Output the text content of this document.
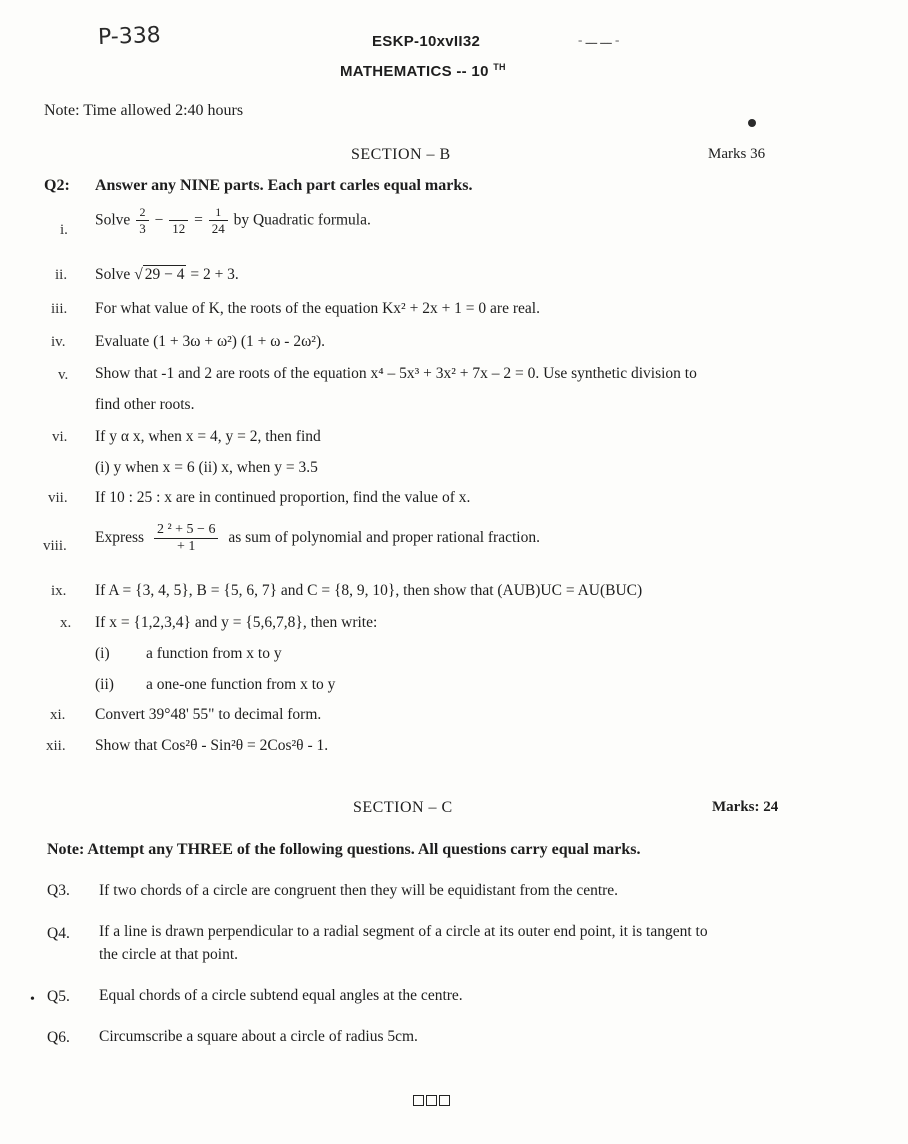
P-338	ESKP-10xvII32	- ـــ ـــ -
MATHEMATICS -- 10 $^{TH}$
Note: Time allowed 2:40 hours
SECTION – B	Marks 36
Q2: Answer any NINE parts. Each part carles equal marks.
i.
Solve $\frac{2}{3}$ −
$12 = \frac{1}{24}$ by Quadratic formula.
ii. Solve √ 29 − 4 = 2 + 3.
iii. For what value of K, the roots of the equation Kx² + 2x + 1 = 0 are real.
iv. Evaluate (1 + 3ω + ω²) (1 + ω - 2ω²).
v. Show that -1 and 2 are roots of the equation x⁴ – 5x³ + 3x² + 7x – 2 = 0. Use synthetic division to
find other roots.
vi. If y α x, when x = 4, y = 2, then find
(i) y when x = 6 (ii) x, when y = 3.5
vii. If 10 : 25 : x are in continued proportion, find the value of x.
viii. Express $\frac{\text{2 ² + 5 − 6}}{+ 1}$ as sum of polynomial and proper rational fraction.
ix. If A = {3, 4, 5}, B = {5, 6, 7} and C = {8, 9, 10}, then show that (AUB)UC = AU(BUC)
x. If x = {1,2,3,4} and y = {5,6,7,8}, then write:
(i) a function from x to y
(ii) a one-one function from x to y
xi. Convert 39°48' 55" to decimal form.
xii. Show that Cos²θ - Sin²θ = 2Cos²θ - 1.
SECTION – C	Marks: 24
Note: Attempt any THREE of the following questions. All questions carry equal marks.
Q3. If two chords of a circle are congruent then they will be equidistant from the centre.
Q4. If a line is drawn perpendicular to a radial segment of a circle at its outer end point, it is tangent to
the circle at that point.
• Q5. Equal chords of a circle subtend equal angles at the centre.
Q6. Circumscribe a square about a circle of radius 5cm.
